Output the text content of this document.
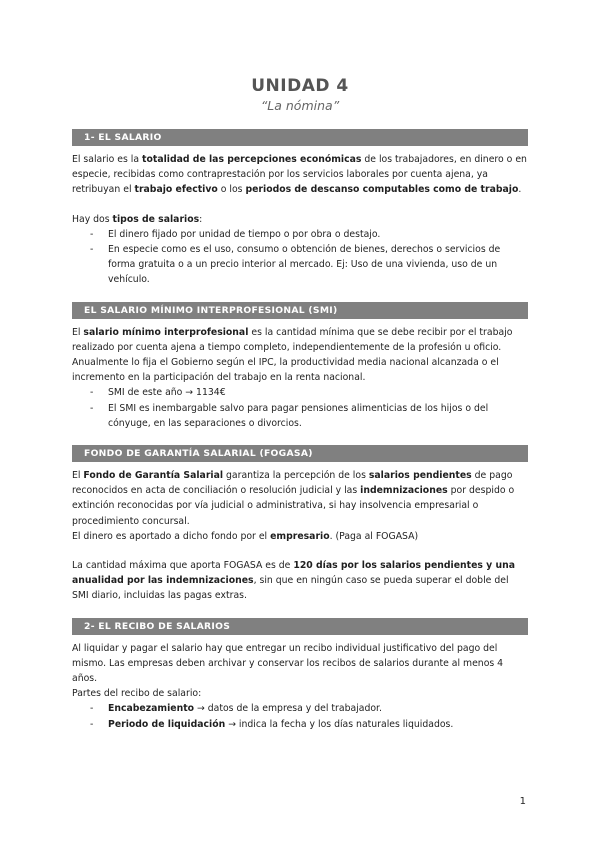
UNIDAD 4
“La nómina”
1- EL SALARIO

El salario es la totalidad de las percepciones económicas de los trabajadores, en dinero o en especie, recibidas como contraprestación por los servicios laborales por cuenta ajena, ya retribuyan el trabajo efectivo o los periodos de descanso computables como de trabajo.

Hay dos tipos de salarios:

- El dinero fijado por unidad de tiempo o por obra o destajo.
- En especie como es el uso, consumo o obtención de bienes, derechos o servicios de forma gratuita o a un precio interior al mercado. Ej: Uso de una vivienda, uso de un vehículo.
EL SALARIO MÍNIMO INTERPROFESIONAL (SMI)

El salario mínimo interprofesional es la cantidad mínima que se debe recibir por el trabajo realizado por cuenta ajena a tiempo completo, independientemente de la profesión u oficio. Anualmente lo fija el Gobierno según el IPC, la productividad media nacional alcanzada o el incremento en la participación del trabajo en la renta nacional.

- SMI de este año → 1134€
- El SMI es inembargable salvo para pagar pensiones alimenticias de los hijos o del cónyuge, en las separaciones o divorcios.
FONDO DE GARANTÍA SALARIAL (FOGASA)

El Fondo de Garantía Salarial garantiza la percepción de los salarios pendientes de pago reconocidos en acta de conciliación o resolución judicial y las indemnizaciones por despido o extinción reconocidas por vía judicial o administrativa, si hay insolvencia empresarial o procedimiento concursal.

El dinero es aportado a dicho fondo por el empresario. (Paga al FOGASA)

La cantidad máxima que aporta FOGASA es de 120 días por los salarios pendientes y una anualidad por las indemnizaciones, sin que en ningún caso se pueda superar el doble del SMI diario, incluidas las pagas extras.

2- EL RECIBO DE SALARIOS

Al liquidar y pagar el salario hay que entregar un recibo individual justificativo del pago del mismo. Las empresas deben archivar y conservar los recibos de salarios durante al menos 4 años.

Partes del recibo de salario:

- Encabezamiento → datos de la empresa y del trabajador.
- Periodo de liquidación → indica la fecha y los días naturales liquidados.
1
